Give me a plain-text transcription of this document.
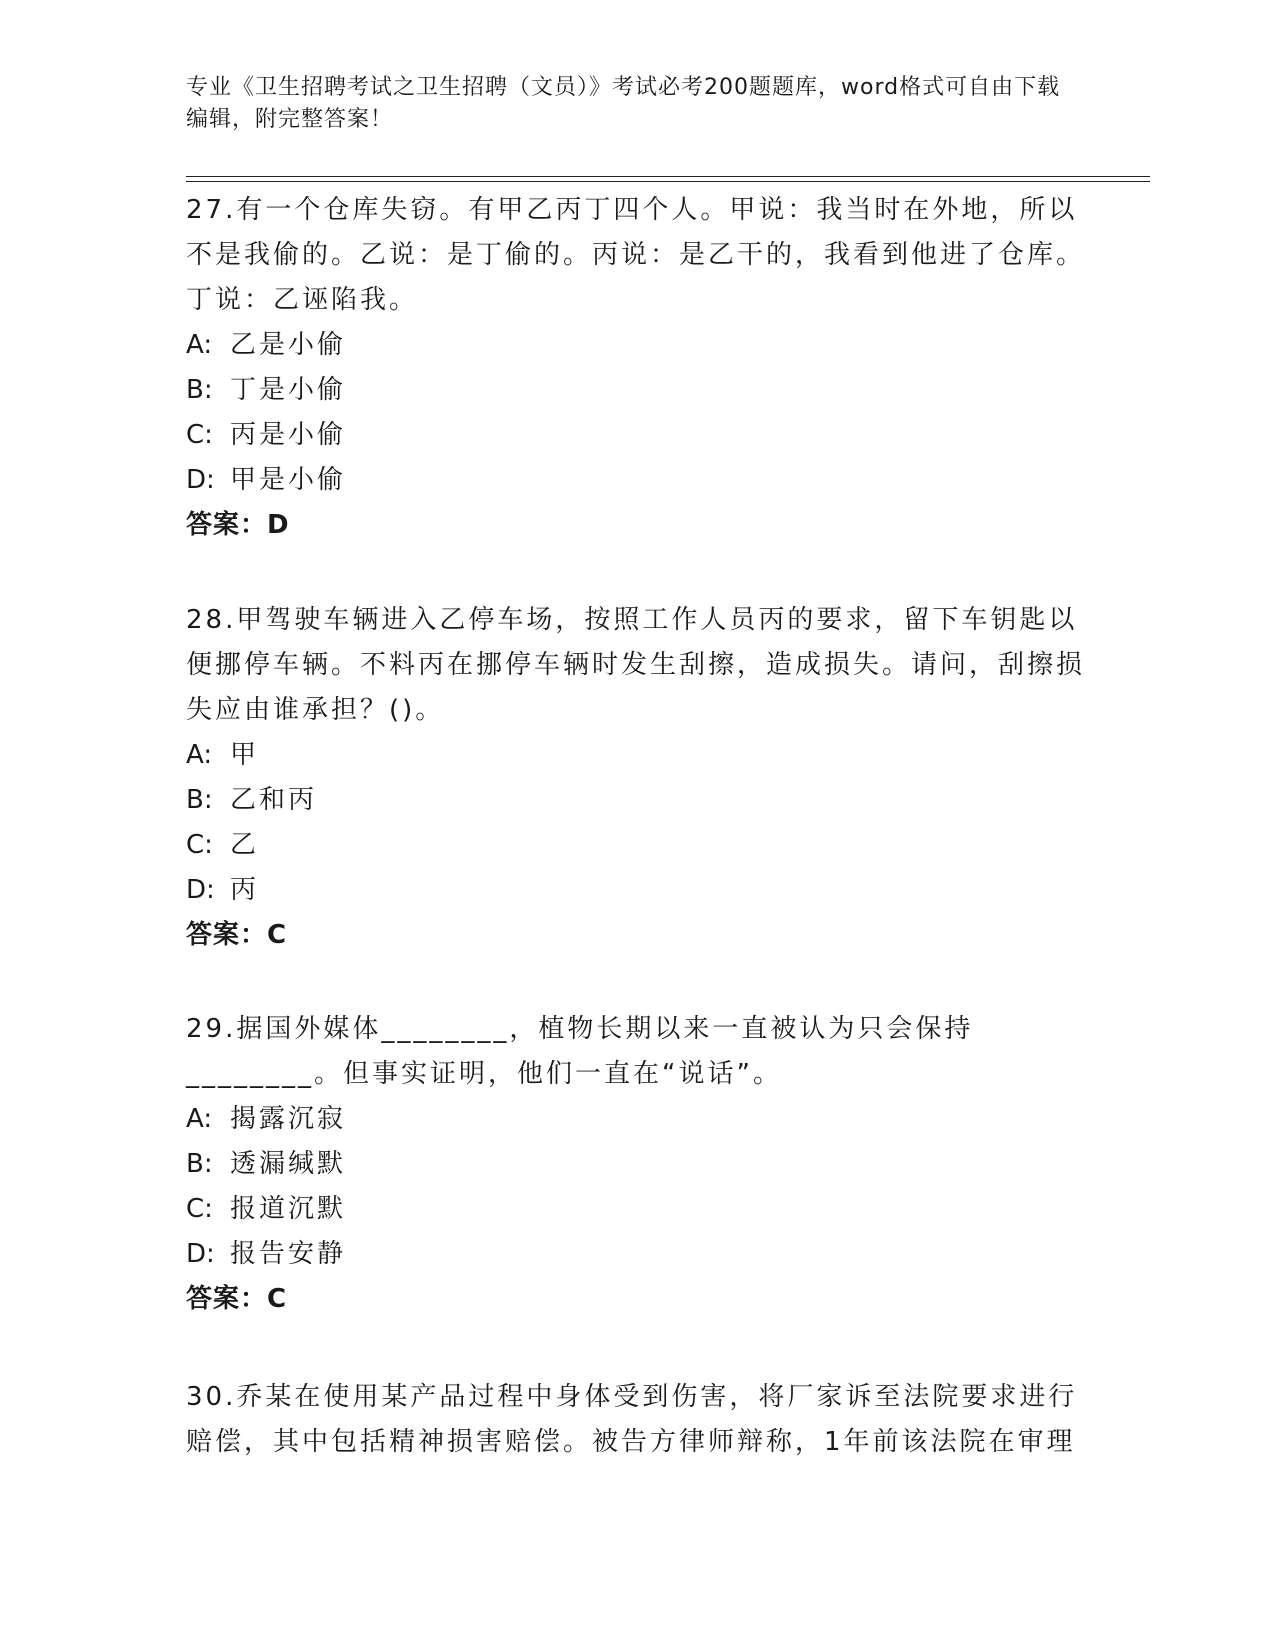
专业《卫生招聘考试之卫生招聘（文员）》考试必考200题题库，word格式可自由下载编辑，附完整答案！

27.有一个仓库失窃。有甲乙丙丁四个人。甲说：我当时在外地，所以不是我偷的。乙说：是丁偷的。丙说：是乙干的，我看到他进了仓库。丁说：乙诬陷我。

A: 乙是小偷

B: 丁是小偷

C: 丙是小偷

D: 甲是小偷

答案：D

28.甲驾驶车辆进入乙停车场，按照工作人员丙的要求，留下车钥匙以便挪停车辆。不料丙在挪停车辆时发生刮擦，造成损失。请问，刮擦损失应由谁承担？()。

A: 甲

B: 乙和丙

C: 乙

D: 丙

答案：C

29.据国外媒体________，植物长期以来一直被认为只会保持________。但事实证明，他们一直在“说话”。

A: 揭露沉寂

B: 透漏缄默

C: 报道沉默

D: 报告安静

答案：C

30.乔某在使用某产品过程中身体受到伤害，将厂家诉至法院要求进行赔偿，其中包括精神损害赔偿。被告方律师辩称，1年前该法院在审理
